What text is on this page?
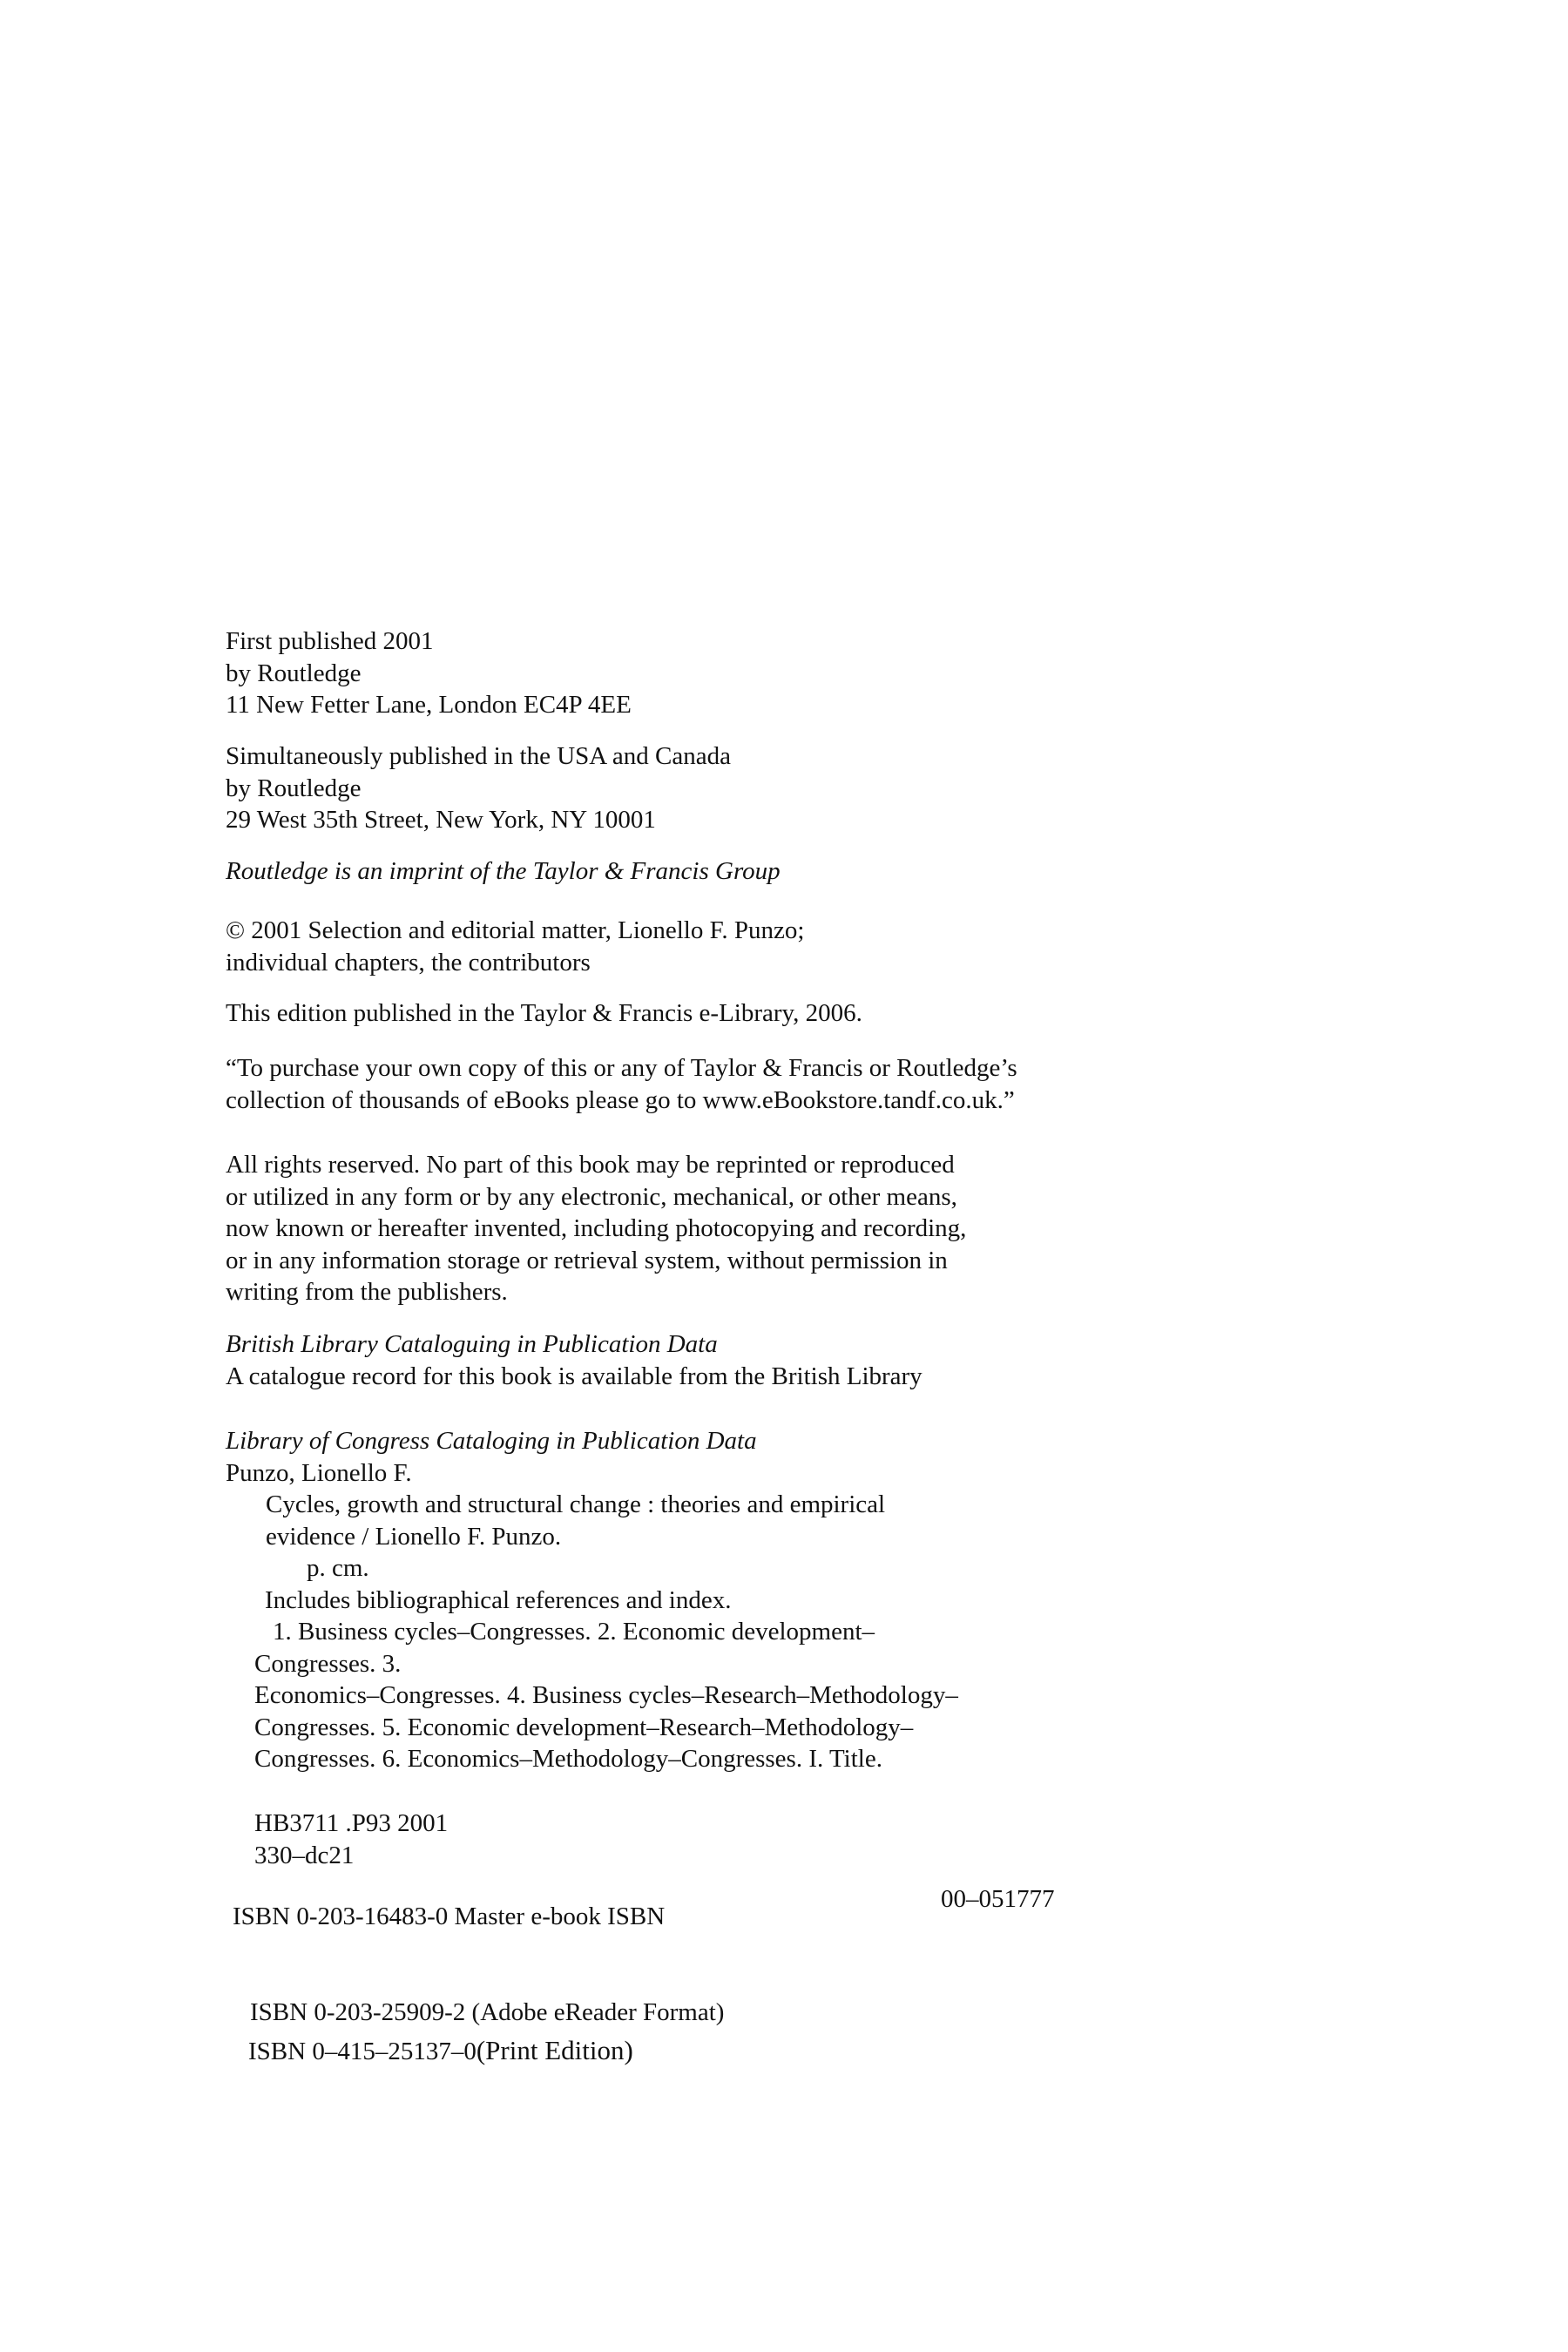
First published 2001
by Routledge
11 New Fetter Lane, London EC4P 4EE
Simultaneously published in the USA and Canada
by Routledge
29 West 35th Street, New York, NY 10001
Routledge is an imprint of the Taylor & Francis Group
© 2001 Selection and editorial matter, Lionello F. Punzo;
individual chapters, the contributors
This edition published in the Taylor & Francis e-Library, 2006.
“To purchase your own copy of this or any of Taylor & Francis or Routledge’s
collection of thousands of eBooks please go to www.eBookstore.tandf.co.uk.”
All rights reserved. No part of this book may be reprinted or reproduced
or utilized in any form or by any electronic, mechanical, or other means,
now known or hereafter invented, including photocopying and recording,
or in any information storage or retrieval system, without permission in
writing from the publishers.
British Library Cataloguing in Publication Data
A catalogue record for this book is available from the British Library
Library of Congress Cataloging in Publication Data
Punzo, Lionello F.
Cycles, growth and structural change : theories and empirical
evidence / Lionello F. Punzo.
p. cm.
Includes bibliographical references and index.
1. Business cycles–Congresses. 2. Economic development–
Congresses. 3.
Economics–Congresses. 4. Business cycles–Research–Methodology–
Congresses. 5. Economic development–Research–Methodology–
Congresses. 6. Economics–Methodology–Congresses. I. Title.
HB3711 .P93 2001
330–dc21
00–051777
ISBN 0-203-16483-0 Master e-book ISBN
ISBN 0-203-25909-2 (Adobe eReader Format)
ISBN 0–415–25137–0(Print Edition)
